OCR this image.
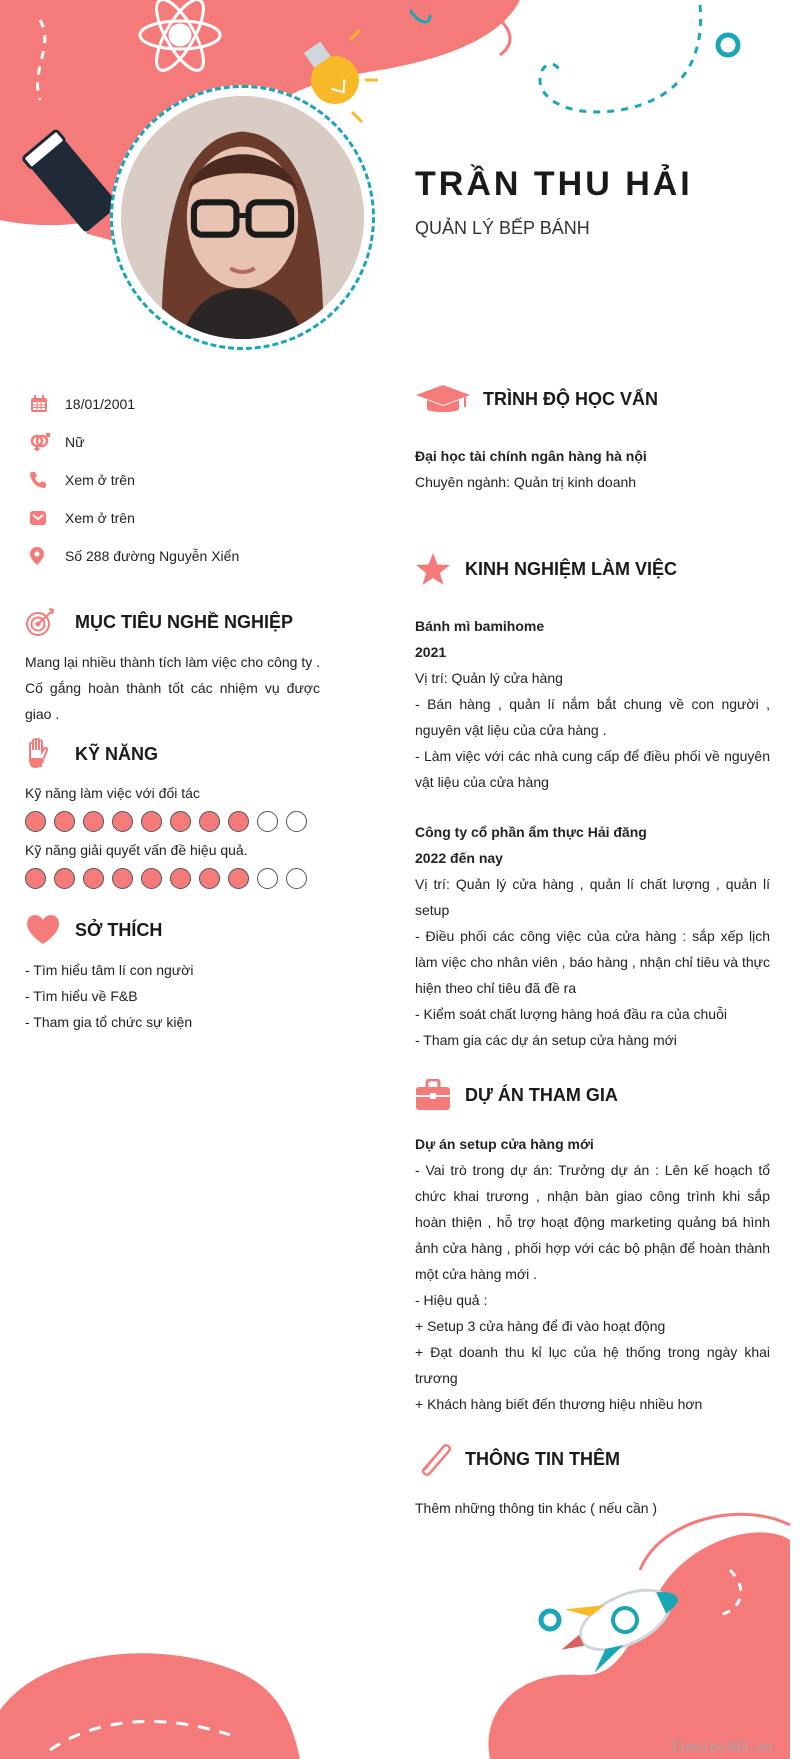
TRẦN THU HẢI
QUẢN LÝ BẾP BÁNH
18/01/2001
Nữ
Xem ở trên
Xem ở trên
Số 288 đường Nguyễn Xiển
MỤC TIÊU NGHỀ NGHIỆP

Mang lại nhiều thành tích làm việc cho công ty . Cố gắng hoàn thành tốt các nhiệm vụ được giao .

KỸ NĂNG
Kỹ năng làm việc với đối tác
Kỹ năng giải quyết vấn đề hiệu quả.
SỞ THÍCH
- Tìm hiểu tâm lí con người
- Tìm hiểu về F&B
- Tham gia tổ chức sự kiện
TRÌNH ĐỘ HỌC VẤN
Đại học tài chính ngân hàng hà nội
Chuyên ngành: Quản trị kinh doanh
KINH NGHIỆM LÀM VIỆC
Bánh mì bamihome
2021
Vị trí: Quản lý cửa hàng
- Bán hàng , quản lí nắm bắt chung về con người , nguyên vật liệu của cửa hàng .
- Làm việc với các nhà cung cấp để điều phối về nguyên vật liệu của cửa hàng
Công ty cổ phần ẩm thực Hải đăng
2022 đến nay
Vị trí: Quản lý cửa hàng , quản lí chất lượng , quản lí setup
- Điều phối các công việc của cửa hàng : sắp xếp lịch làm việc cho nhân viên , báo hàng , nhận chỉ tiêu và thực hiện theo chỉ tiêu đã đề ra
- Kiểm soát chất lượng hàng hoá đầu ra của chuỗi
- Tham gia các dự án setup cửa hàng mới
DỰ ÁN THAM GIA
Dự án setup cửa hàng mới
- Vai trò trong dự án: Trưởng dự án : Lên kế hoạch tổ chức khai trương , nhận bàn giao công trình khi sắp hoàn thiện , hỗ trợ hoạt động marketing quảng bá hình ảnh cửa hàng , phối hợp với các bộ phận để hoàn thành một cửa hàng mới .
- Hiệu quả :
+ Setup 3 cửa hàng để đi vào hoạt động
+ Đạt doanh thu kỉ lục của hệ thống trong ngày khai trương
+ Khách hàng biết đến thương hiệu nhiều hơn
THÔNG TIN THÊM
Thêm những thông tin khác ( nếu cần )
Timviec365.vn
